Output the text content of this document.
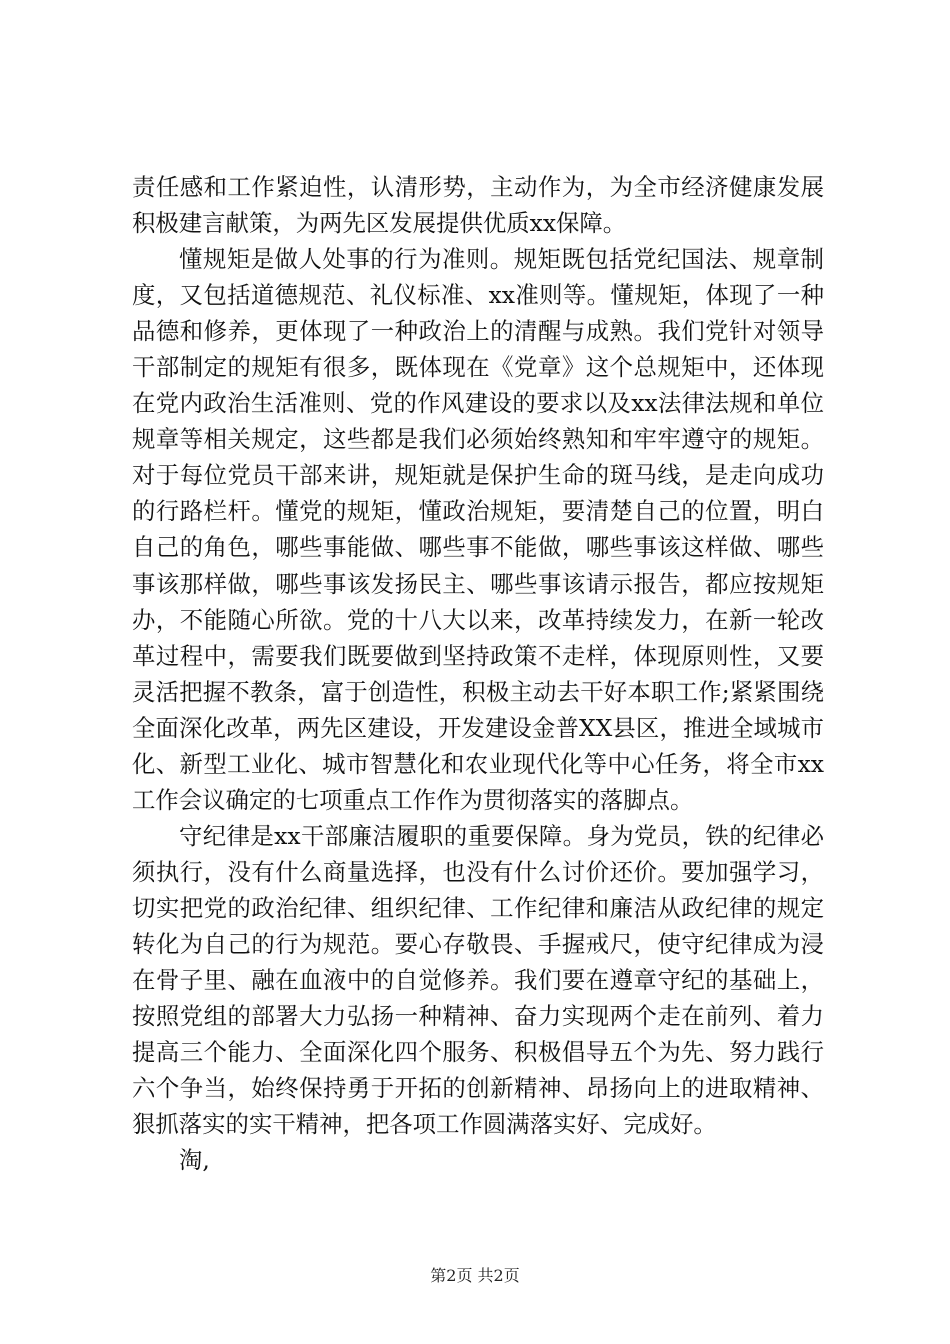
责任感和工作紧迫性，认清形势，主动作为，为全市经济健康发展积极建言献策，为两先区发展提供优质xx保障。

懂规矩是做人处事的行为准则。规矩既包括党纪国法、规章制度，又包括道德规范、礼仪标准、xx准则等。懂规矩，体现了一种品德和修养，更体现了一种政治上的清醒与成熟。我们党针对领导干部制定的规矩有很多，既体现在《党章》这个总规矩中，还体现在党内政治生活准则、党的作风建设的要求以及xx法律法规和单位规章等相关规定，这些都是我们必须始终熟知和牢牢遵守的规矩。对于每位党员干部来讲，规矩就是保护生命的斑马线，是走向成功的行路栏杆。懂党的规矩，懂政治规矩，要清楚自己的位置，明白自己的角色，哪些事能做、哪些事不能做，哪些事该这样做、哪些事该那样做，哪些事该发扬民主、哪些事该请示报告，都应按规矩办，不能随心所欲。党的十八大以来，改革持续发力，在新一轮改革过程中，需要我们既要做到坚持政策不走样，体现原则性，又要灵活把握不教条，富于创造性，积极主动去干好本职工作;紧紧围绕全面深化改革，两先区建设，开发建设金普XX县区，推进全域城市化、新型工业化、城市智慧化和农业现代化等中心任务，将全市xx工作会议确定的七项重点工作作为贯彻落实的落脚点。

守纪律是xx干部廉洁履职的重要保障。身为党员，铁的纪律必须执行，没有什么商量选择，也没有什么讨价还价。要加强学习，切实把党的政治纪律、组织纪律、工作纪律和廉洁从政纪律的规定转化为自己的行为规范。要心存敬畏、手握戒尺，使守纪律成为浸在骨子里、融在血液中的自觉修养。我们要在遵章守纪的基础上，按照党组的部署大力弘扬一种精神、奋力实现两个走在前列、着力提高三个能力、全面深化四个服务、积极倡导五个为先、努力践行六个争当，始终保持勇于开拓的创新精神、昂扬向上的进取精神、狠抓落实的实干精神，把各项工作圆满落实好、完成好。

淘,

第2页 共2页
